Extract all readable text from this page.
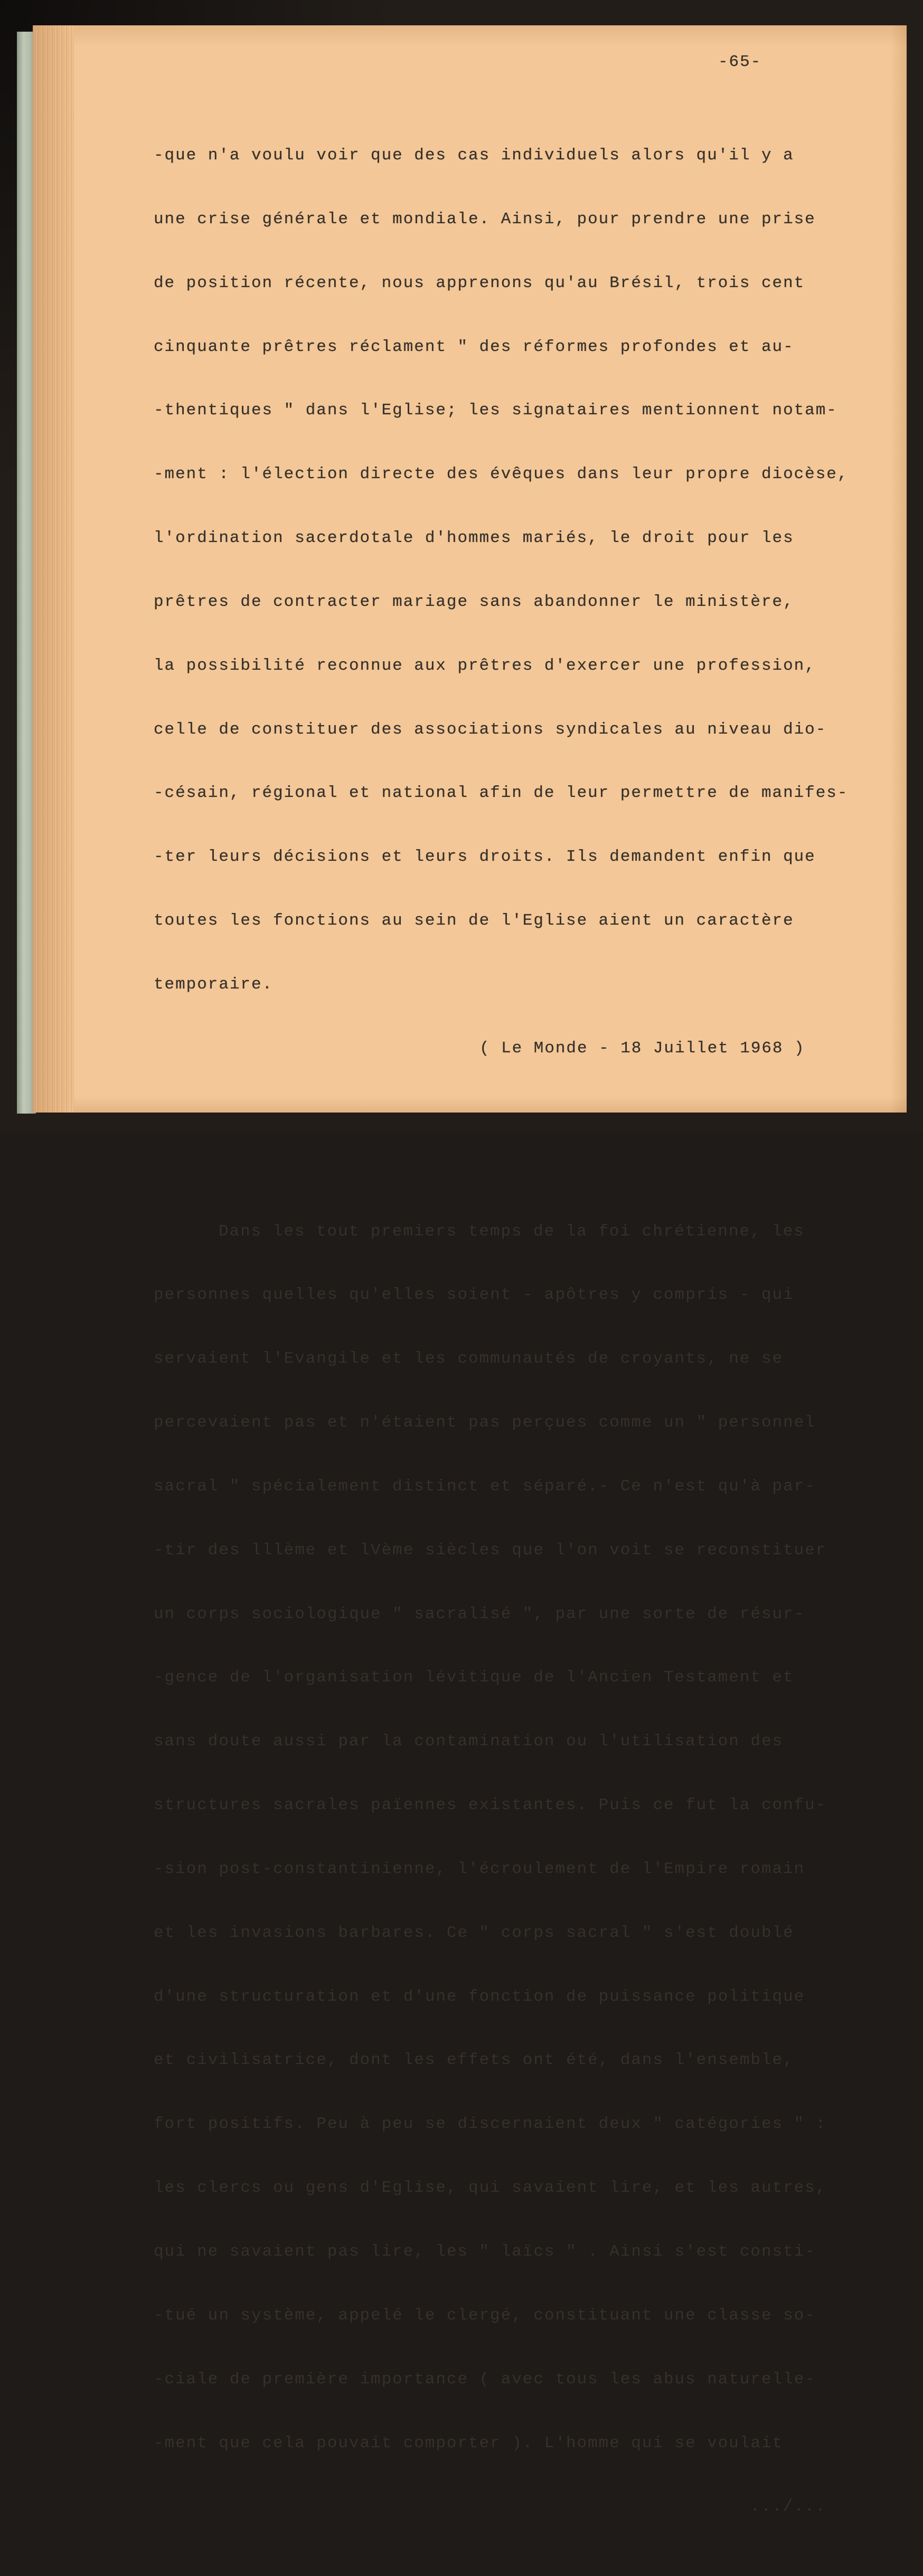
-65-

-que n'a voulu voir que des cas individuels alors qu'il y a

une crise générale et mondiale. Ainsi, pour prendre une prise

de position récente, nous apprenons qu'au Brésil, trois cent

cinquante prêtres réclament " des réformes profondes et au-

-thentiques " dans l'Eglise; les signataires mentionnent notam-

-ment : l'élection directe des évêques dans leur propre diocèse,

l'ordination sacerdotale d'hommes mariés, le droit pour les

prêtres de contracter mariage sans abandonner le ministère,

la possibilité reconnue aux prêtres d'exercer une profession,

celle de constituer des associations syndicales au niveau dio-

-césain, régional et national afin de leur permettre de manifes-

-ter leurs décisions et leurs droits. Ils demandent enfin que

toutes les fonctions au sein de l'Eglise aient un caractère

temporaire.

( Le Monde - 18 Juillet 1968 )

Dans les tout premiers temps de la foi chrétienne, les

personnes quelles qu'elles soient - apôtres y compris - qui

servaient l'Evangile et les communautés de croyants, ne se

percevaient pas et n'étaient pas perçues comme un " personnel

sacral " spécialement distinct et séparé.- Ce n'est qu'à par-

-tir des lllème et lVème siècles que l'on voit se reconstituer

un corps sociologique " sacralisé ", par une sorte de résur-

-gence de l'organisation lévitique de l'Ancien Testament et

sans doute aussi par la contamination ou l'utilisation des

structures sacrales païennes existantes. Puis ce fut la confu-

-sion post-constantinienne, l'écroulement de l'Empire romain

et les invasions barbares. Ce " corps sacral " s'est doublé

d'une structuration et d'une fonction de puissance politique

et civilisatrice, dont les effets ont été, dans l'ensemble,

fort positifs. Peu à peu se discernaient deux " catégories " :

les clercs ou gens d'Eglise, qui savaient lire, et les autres,

qui ne savaient pas lire, les " laïcs " . Ainsi s'est consti-

-tué un système, appelé le clergé, constituant une classe so-

-ciale de première importance ( avec tous les abus naturelle-

-ment que cela pouvait comporter ). L'homme qui se voulait

.../...
